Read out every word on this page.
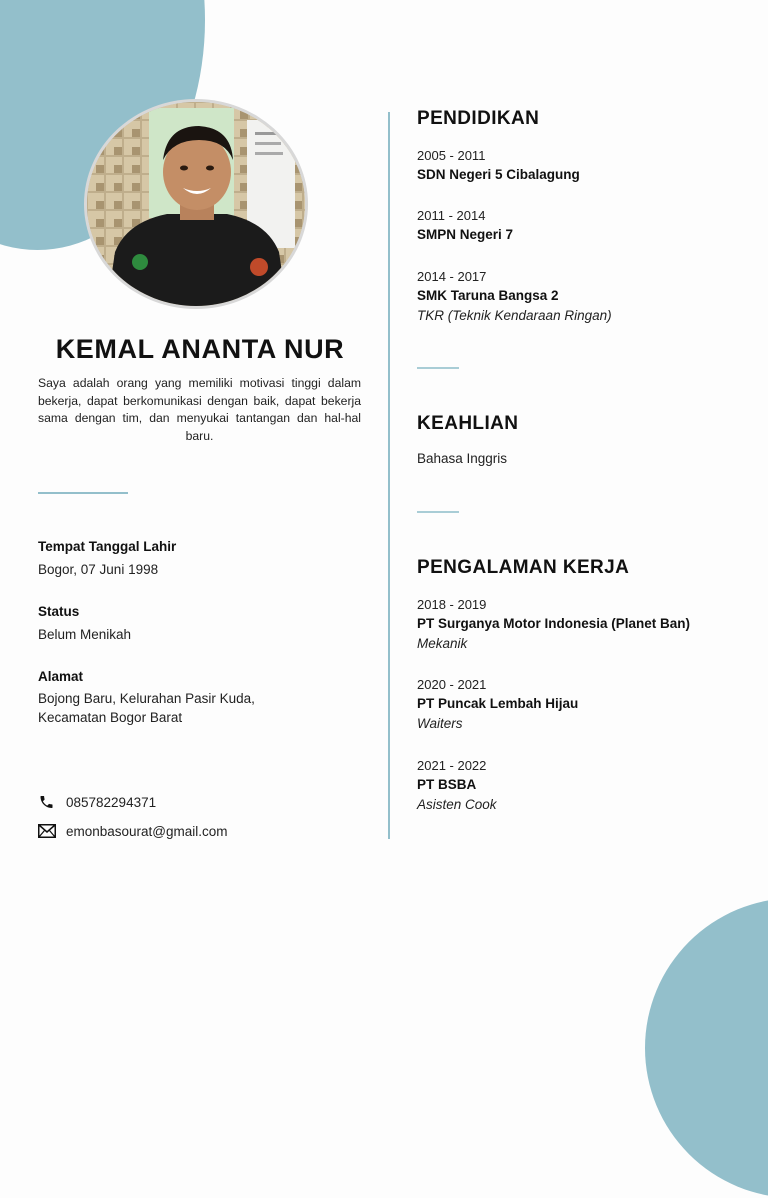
KEMAL ANANTA NUR

Saya adalah orang yang memiliki motivasi tinggi dalam bekerja, dapat berkomunikasi dengan baik, dapat bekerja sama dengan tim, dan menyukai tantangan dan hal-hal baru.

Tempat Tanggal Lahir

Bogor, 07 Juni 1998

Status

Belum Menikah

Alamat

Bojong Baru, Kelurahan Pasir Kuda,

Kecamatan Bogor Barat

085782294371
emonbasourat@gmail.com
PENDIDIKAN
2005 - 2011
SDN Negeri 5 Cibalagung
2011 - 2014
SMPN Negeri 7
2014 - 2017
SMK Taruna Bangsa 2
TKR (Teknik Kendaraan Ringan)
KEAHLIAN

Bahasa Inggris

PENGALAMAN KERJA
2018 - 2019
PT Surganya Motor Indonesia (Planet Ban)
Mekanik
2020 - 2021
PT Puncak Lembah Hijau
Waiters
2021 - 2022
PT BSBA
Asisten Cook
